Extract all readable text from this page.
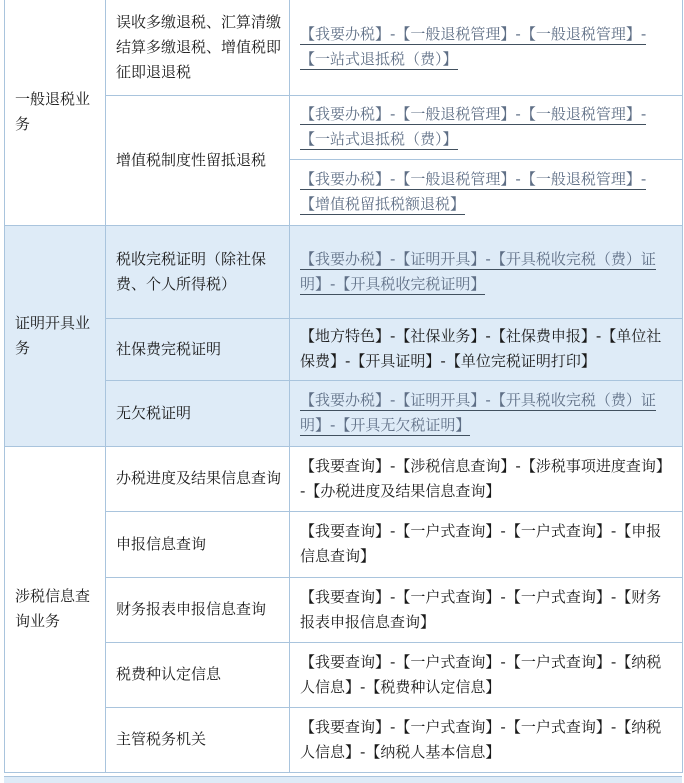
一般退税业务	误收多缴退税、汇算清缴结算多缴退税、增值税即征即退退税	【我要办税】-【一般退税管理】-【一般退税管理】-【一站式退抵税（费）】
	增值税制度性留抵退税	【我要办税】-【一般退税管理】-【一般退税管理】-【一站式退抵税（费）】
		【我要办税】-【一般退税管理】-【一般退税管理】-【增值税留抵税额退税】
证明开具业务	税收完税证明（除社保费、个人所得税）	【我要办税】-【证明开具】-【开具税收完税（费）证明】-【开具税收完税证明】
	社保费完税证明	【地方特色】-【社保业务】-【社保费申报】-【单位社保费】-【开具证明】-【单位完税证明打印】
	无欠税证明	【我要办税】-【证明开具】-【开具税收完税（费）证明】-【开具无欠税证明】
涉税信息查询业务	办税进度及结果信息查询	【我要查询】-【涉税信息查询】-【涉税事项进度查询】-【办税进度及结果信息查询】
	申报信息查询	【我要查询】-【一户式查询】-【一户式查询】-【申报信息查询】
	财务报表申报信息查询	【我要查询】-【一户式查询】-【一户式查询】-【财务报表申报信息查询】
	税费种认定信息	【我要查询】-【一户式查询】-【一户式查询】-【纳税人信息】-【税费种认定信息】
	主管税务机关	【我要查询】-【一户式查询】-【一户式查询】-【纳税人信息】-【纳税人基本信息】
